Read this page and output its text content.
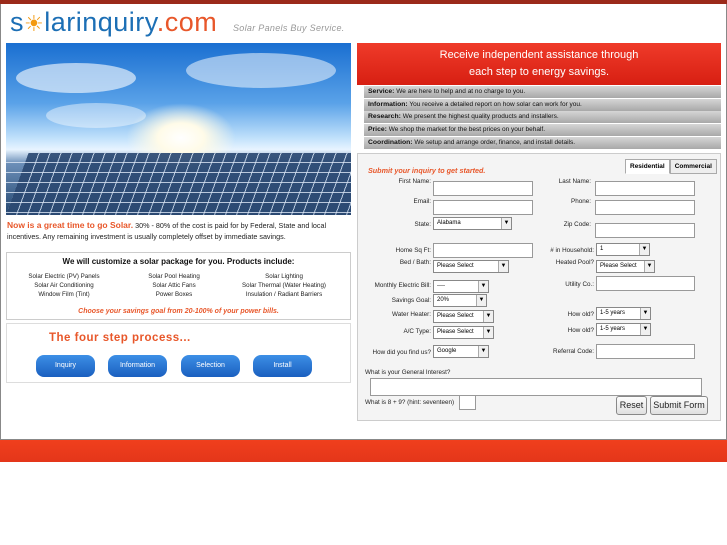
s☀larinquiry.com Solar Panels Buy Service.
Now is a great time to go Solar. 30% - 80% of the cost is paid for by Federal, State and local incentives. Any remaining investment is usually completely offset by immediate savings.
We will customize a solar package for you. Products include:
Solar Electric (PV) Panels	Solar Pool Heating	Solar Lighting
Solar Air Conditioning	Solar Attic Fans	Solar Thermal (Water Heating)
Window Film (Tint)	Power Boxes	Insulation / Radiant Barriers
Choose your savings goal from 20-100% of your power bills.
The four step process...
Inquiry	Information	Selection	Install
Receive independent assistance through
each step to energy savings.
Service: We are here to help and at no charge to you.
Information: You receive a detailed report on how solar can work for you.
Research: We present the highest quality products and installers.
Price: We shop the market for the best prices on your behalf.
Coordination: We setup and arrange order, finance, and install details.
Submit your inquiry to get started.	Residential	Commercial
First Name:	Last Name:
Email:	Phone:
State:	Alabama	▼	Zip Code:
Home Sq Ft:	# in Household:	1	▼
Bed / Bath:	Please Select	▼	Heated Pool?	Please Select	▼
Monthly Electric Bill:	----	▼	Utility Co.:
Savings Goal:	20%	▼
Water Heater:	Please Select	▼	How old?	1-5 years	▼
A/C Type:	Please Select	▼	How old?	1-5 years	▼
How did you find us?	Google	▼	Referral Code:
What is your General Interest?
What is 8 + 9? (hint: seventeen)	Reset	Submit Form
